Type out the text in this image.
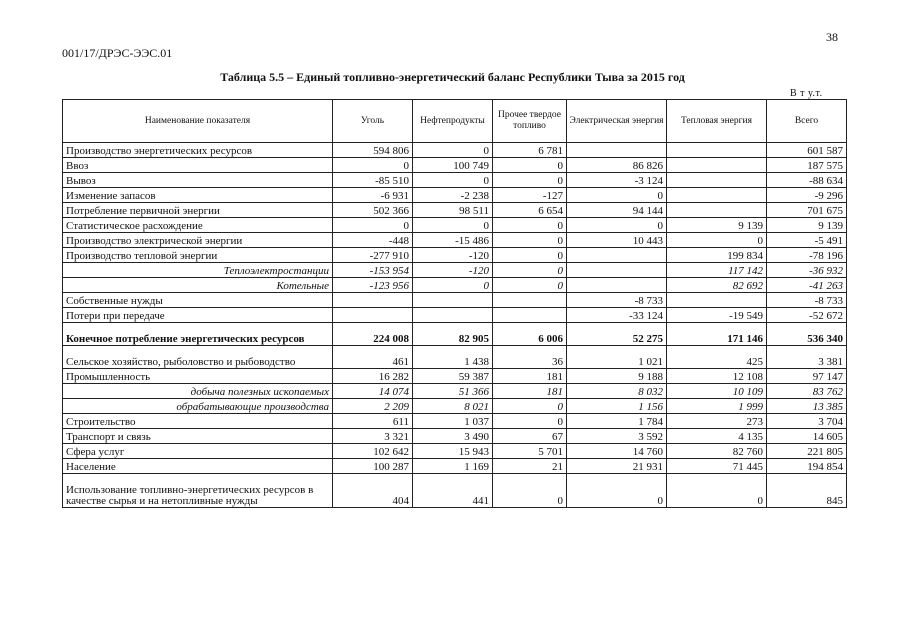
38
001/17/ДРЭС-ЭЭС.01
Таблица 5.5 – Единый топливно-энергетический баланс Республики Тыва за 2015 год
В т у.т.
Наименование показателя	Уголь	Нефтепродукты	Прочее твердое топливо	Электрическая энергия	Тепловая энергия	Всего
Производство энергетических ресурсов	594 806	0	6 781			601 587
Ввоз	0	100 749	0	86 826		187 575
Вывоз	-85 510	0	0	-3 124		-88 634
Изменение запасов	-6 931	-2 238	-127	0		-9 296
Потребление первичной энергии	502 366	98 511	6 654	94 144		701 675
Статистическое расхождение	0	0	0	0	9 139	9 139
Производство электрической энергии	-448	-15 486	0	10 443	0	-5 491
Производство тепловой энергии	-277 910	-120	0		199 834	-78 196
Теплоэлектростанции	-153 954	-120	0		117 142	-36 932
Котельные	-123 956	0	0		82 692	-41 263
Собственные нужды				-8 733		-8 733
Потери при передаче				-33 124	-19 549	-52 672
Конечное потребление энергетических ресурсов	224 008	82 905	6 006	52 275	171 146	536 340
Сельское хозяйство, рыболовство и рыбоводство	461	1 438	36	1 021	425	3 381
Промышленность	16 282	59 387	181	9 188	12 108	97 147
добыча полезных ископаемых	14 074	51 366	181	8 032	10 109	83 762
обрабатывающие производства	2 209	8 021	0	1 156	1 999	13 385
Строительство	611	1 037	0	1 784	273	3 704
Транспорт и связь	3 321	3 490	67	3 592	4 135	14 605
Сфера услуг	102 642	15 943	5 701	14 760	82 760	221 805
Население	100 287	1 169	21	21 931	71 445	194 854
Использование топливно-энергетических ресурсов в качестве сырья и на нетопливные нужды	404	441	0	0	0	845
